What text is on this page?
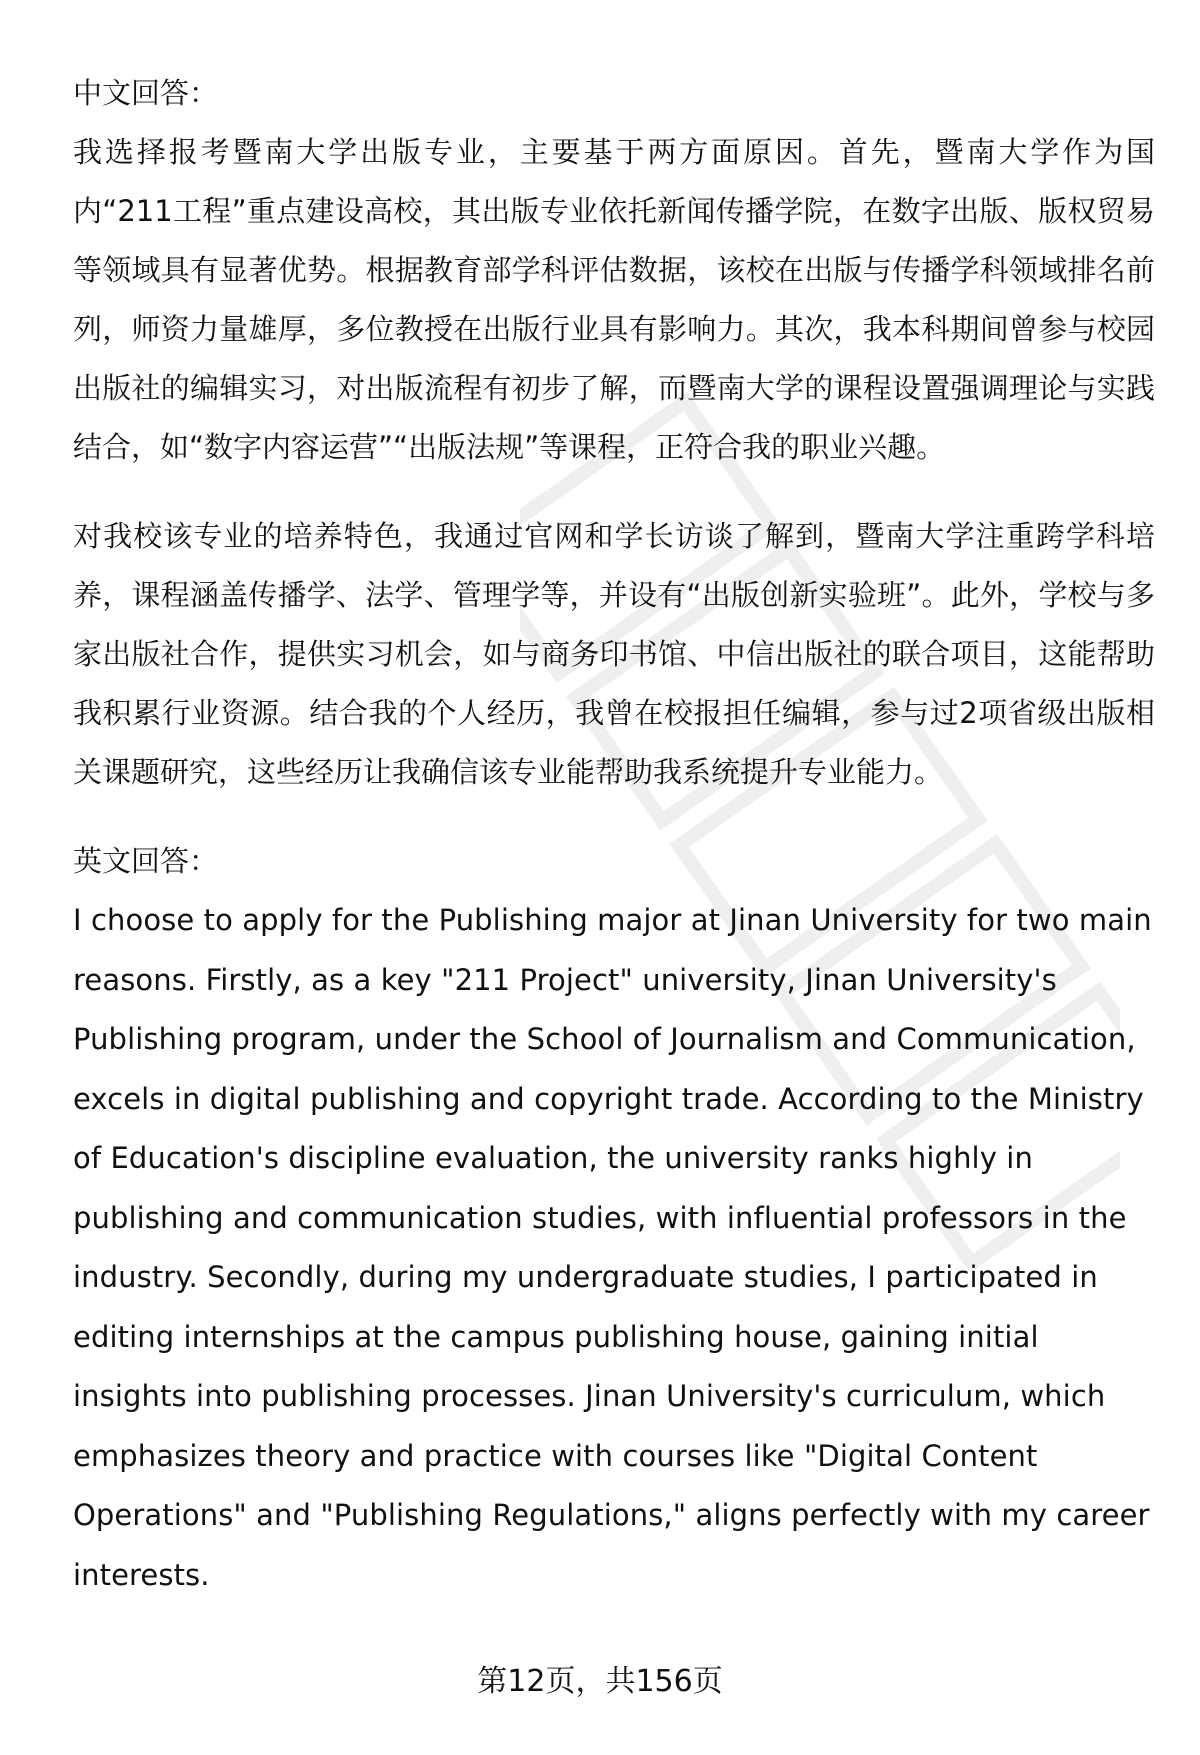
中文回答：

我选择报考暨南大学出版专业，主要基于两方面原因。首先，暨南大学作为国内“211工程”重点建设高校，其出版专业依托新闻传播学院，在数字出版、版权贸易等领域具有显著优势。根据教育部学科评估数据，该校在出版与传播学科领域排名前列，师资力量雄厚，多位教授在出版行业具有影响力。其次，我本科期间曾参与校园出版社的编辑实习，对出版流程有初步了解，而暨南大学的课程设置强调理论与实践结合，如“数字内容运营”“出版法规”等课程，正符合我的职业兴趣。

对我校该专业的培养特色，我通过官网和学长访谈了解到，暨南大学注重跨学科培养，课程涵盖传播学、法学、管理学等，并设有“出版创新实验班”。此外，学校与多家出版社合作，提供实习机会，如与商务印书馆、中信出版社的联合项目，这能帮助我积累行业资源。结合我的个人经历，我曾在校报担任编辑，参与过2项省级出版相关课题研究，这些经历让我确信该专业能帮助我系统提升专业能力。

英文回答：

I choose to apply for the Publishing major at Jinan University for two main reasons. Firstly, as a key "211 Project" university, Jinan University's Publishing program, under the School of Journalism and Communication, excels in digital publishing and copyright trade. According to the Ministry of Education's discipline evaluation, the university ranks highly in publishing and communication studies, with influential professors in the industry. Secondly, during my undergraduate studies, I participated in editing internships at the campus publishing house, gaining initial insights into publishing processes. Jinan University's curriculum, which emphasizes theory and practice with courses like "Digital Content Operations" and "Publishing Regulations," aligns perfectly with my career interests.

第12页，共156页
